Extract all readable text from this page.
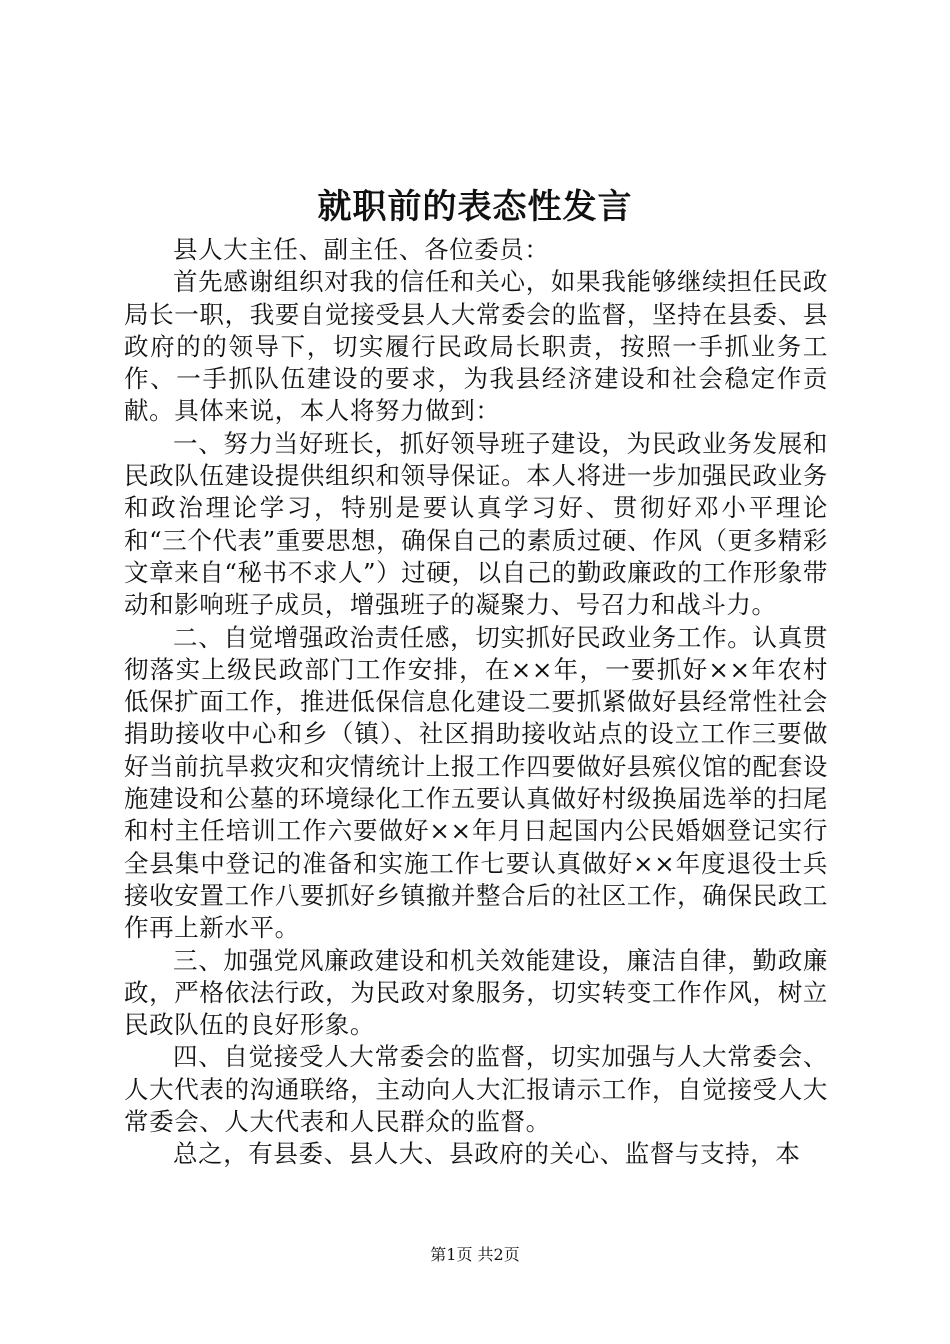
就职前的表态性发言

县人大主任、副主任、各位委员：

首先感谢组织对我的信任和关心，如果我能够继续担任民政局长一职，我要自觉接受县人大常委会的监督，坚持在县委、县政府的的领导下，切实履行民政局长职责，按照一手抓业务工作、一手抓队伍建设的要求，为我县经济建设和社会稳定作贡献。具体来说，本人将努力做到：

一、努力当好班长，抓好领导班子建设，为民政业务发展和民政队伍建设提供组织和领导保证。本人将进一步加强民政业务和政治理论学习，特别是要认真学习好、贯彻好邓小平理论和“三个代表”重要思想，确保自己的素质过硬、作风（更多精彩文章来自“秘书不求人”）过硬，以自己的勤政廉政的工作形象带动和影响班子成员，增强班子的凝聚力、号召力和战斗力。

二、自觉增强政治责任感，切实抓好民政业务工作。认真贯彻落实上级民政部门工作安排，在××年，一要抓好××年农村低保扩面工作，推进低保信息化建设二要抓紧做好县经常性社会捐助接收中心和乡（镇）、社区捐助接收站点的设立工作三要做好当前抗旱救灾和灾情统计上报工作四要做好县殡仪馆的配套设施建设和公墓的环境绿化工作五要认真做好村级换届选举的扫尾和村主任培训工作六要做好××年月日起国内公民婚姻登记实行全县集中登记的准备和实施工作七要认真做好××年度退役士兵接收安置工作八要抓好乡镇撤并整合后的社区工作，确保民政工作再上新水平。

三、加强党风廉政建设和机关效能建设，廉洁自律，勤政廉政，严格依法行政，为民政对象服务，切实转变工作作风，树立民政队伍的良好形象。

四、自觉接受人大常委会的监督，切实加强与人大常委会、人大代表的沟通联络，主动向人大汇报请示工作，自觉接受人大常委会、人大代表和人民群众的监督。

总之，有县委、县人大、县政府的关心、监督与支持，本

第1页 共2页
